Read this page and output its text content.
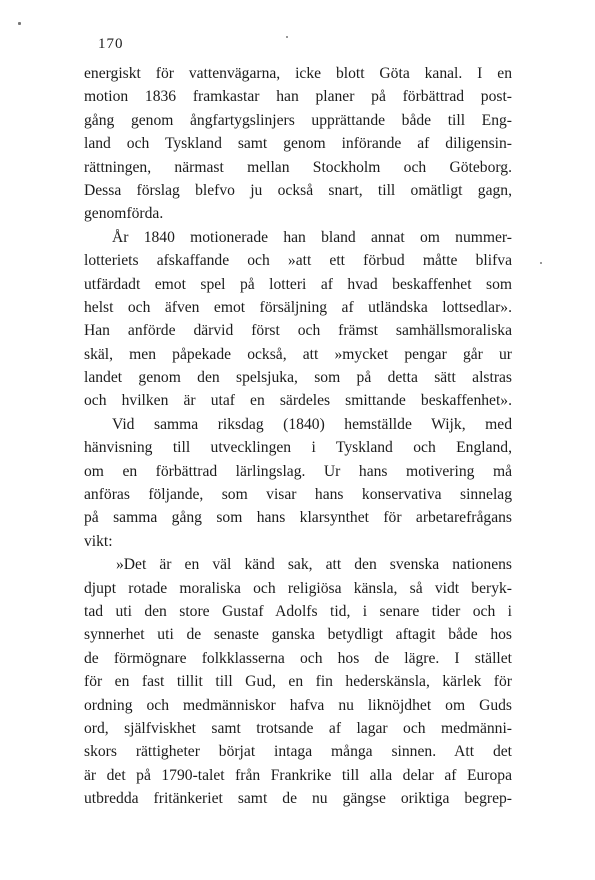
170
energiskt för vattenvägarna, icke blott Göta kanal. I en
motion 1836 framkastar han planer på förbättrad post-
gång genom ångfartygslinjers upprättande både till Eng-
land och Tyskland samt genom införande af diligensin-
rättningen, närmast mellan Stockholm och Göteborg.
Dessa förslag blefvo ju också snart, till omätligt gagn,
genomförda.
År 1840 motionerade han bland annat om nummer-
lotteriets afskaffande och »att ett förbud måtte blifva
utfärdadt emot spel på lotteri af hvad beskaffenhet som
helst och äfven emot försäljning af utländska lottsedlar».
Han anförde därvid först och främst samhällsmoraliska
skäl, men påpekade också, att »mycket pengar går ur
landet genom den spelsjuka, som på detta sätt alstras
och hvilken är utaf en särdeles smittande beskaffenhet».
Vid samma riksdag (1840) hemställde Wijk, med
hänvisning till utvecklingen i Tyskland och England,
om en förbättrad lärlingslag. Ur hans motivering må
anföras följande, som visar hans konservativa sinnelag
på samma gång som hans klarsynthet för arbetarefrågans
vikt:
»Det är en väl känd sak, att den svenska nationens
djupt rotade moraliska och religiösa känsla, så vidt beryk-
tad uti den store Gustaf Adolfs tid, i senare tider och i
synnerhet uti de senaste ganska betydligt aftagit både hos
de förmögnare folkklasserna och hos de lägre. I stället
för en fast tillit till Gud, en fin hederskänsla, kärlek för
ordning och medmänniskor hafva nu liknöjdhet om Guds
ord, själfviskhet samt trotsande af lagar och medmänni-
skors rättigheter börjat intaga många sinnen. Att det
är det på 1790-talet från Frankrike till alla delar af Europa
utbredda fritänkeriet samt de nu gängse oriktiga begrep-
